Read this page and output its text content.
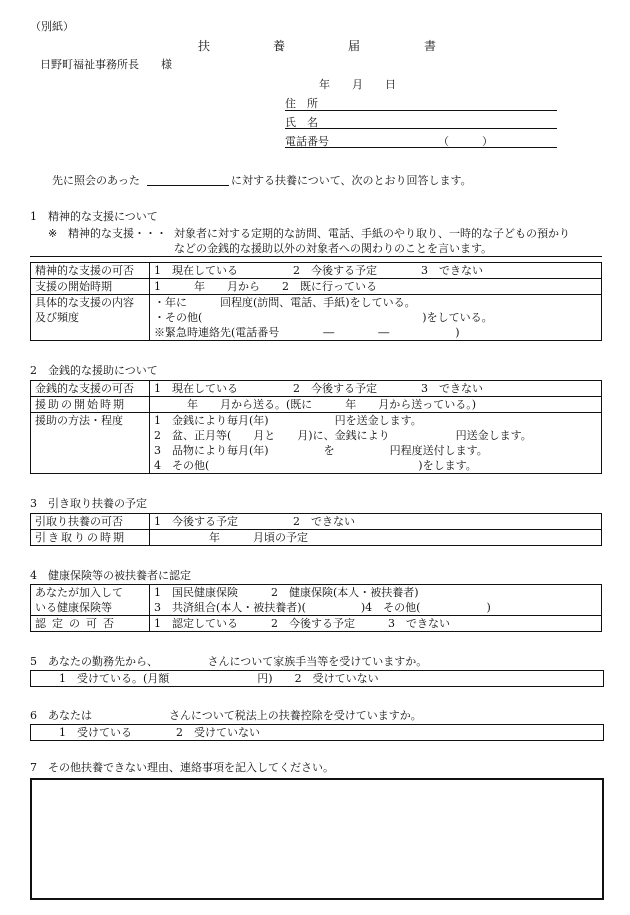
（別紙）
扶	養	届	書
日野町福祉事務所長　　様
年　　月　　日
住　所
氏　名
電話番号	（　　　）
先に照会のあった	に対する扶養について、次のとおり回答します。
1　精神的な支援について
※ 精神的な支援・・・ 対象者に対する定期的な訪問、電話、手紙のやり取り、一時的な子どもの預かり
などの金銭的な援助以外の対象者への関わりのことを言います。
精神的な支援の可否	1　現在している　　　　　2　今後する予定　　　　3　できない
支援の開始時期	1　　　年　　月から　　2　既に行っている

具体的な支援の内容
及び頻度	・年に　　　回程度(訪問、電話、手紙)をしている。
・その他(　　　　　　　　　　　　　　　　　　　　)をしている。
※緊急時連絡先(電話番号　　　　―　　　　―　　　　　　)
2　金銭的な援助について
金銭的な支援の可否	1　現在している　　　　　2　今後する予定　　　　3　できない
援助の開始時期	　　　年　　月から送る。(既に　　　年　　月から送っている。)
援助の方法・程度	1　金銭により毎月(年)　　　　　　円を送金します。
2　盆、正月等(　　月と　　月)に、金銭により　　　　　　円送金します。
3　品物により毎月(年)　　　　　を　　　　　円程度送付します。
4　その他(　　　　　　　　　　　　　　　　　　　)をします。
3　引き取り扶養の予定
引取り扶養の可否	1　今後する予定　　　　　2　できない
引き取りの時期	　　　　　年　　　月頃の予定
4　健康保険等の被扶養者に認定
あなたが加入して
いる健康保険等	1　国民健康保険　　　2　健康保険(本人・被扶養者)
3　共済組合(本人・被扶養者)(　　　　　)4　その他(　　　　　　)

認定の可否	1　認定している　　　2　今後する予定　　　3　できない
5　あなたの勤務先から、　　　　　さんについて家族手当等を受けていますか。
1　受けている。(月額　　　　　　　　円)　　2　受けていない
6　あなたは　　　　　　　さんについて税法上の扶養控除を受けていますか。
1　受けている　　　　2　受けていない
7　その他扶養できない理由、連絡事項を記入してください。
